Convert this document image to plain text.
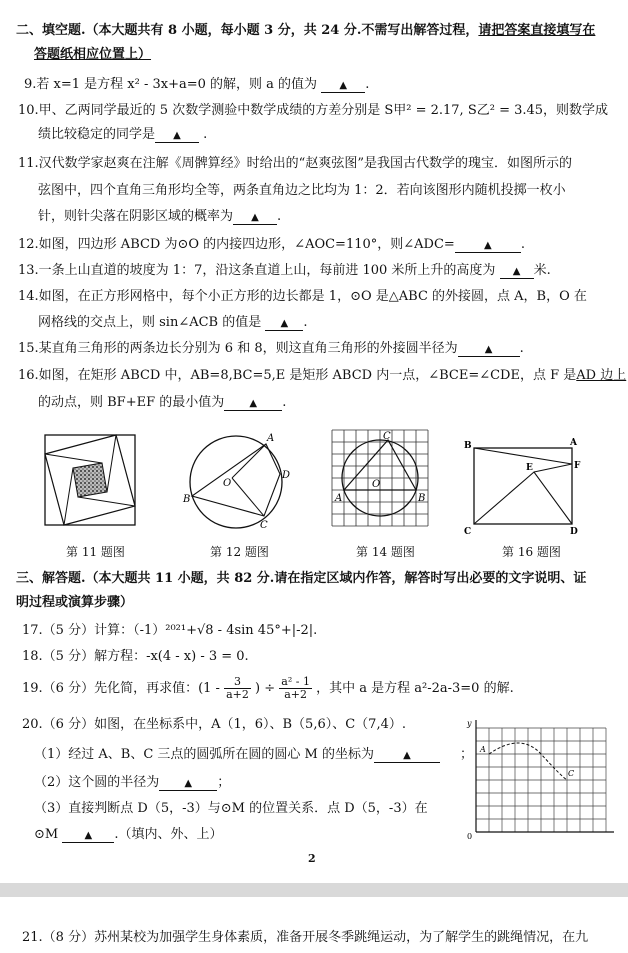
二、填空题.（本大题共有 8 小题，每小题 3 分，共 24 分.不需写出解答过程，请把答案直接填写在
答题纸相应位置上）
9.若 x=1 是方程 x² - 3x+a=0 的解，则 a 的值为 ▲ .
10.甲、乙两同学最近的 5 次数学测验中数学成绩的方差分别是 S甲² = 2.17, S乙² = 3.45，则数学成
绩比较稳定的同学是 ▲ .
11.汉代数学家赵爽在注解《周髀算经》时给出的“赵爽弦图”是我国古代数学的瑰宝．如图所示的
弦图中，四个直角三角形均全等，两条直角边之比均为 1：2．若向该图形内随机投掷一枚小
针，则针尖落在阴影区域的概率为 ▲ .
12.如图，四边形 ABCD 为⊙O 的内接四边形，∠AOC=110°，则∠ADC=	▲ .
13.一条上山直道的坡度为 1：7，沿这条直道上山，每前进 100 米所上升的高度为 ▲ 米.
14.如图，在正方形网格中，每个小正方形的边长都是 1，⊙O 是△ABC 的外接圆，点 A，B，O 在
网格线的交点上，则 sin∠ACB 的值是 ▲ .
15.某直角三角形的两条边长分别为 6 和 8，则这直角三角形的外接圆半径为	▲ .
16.如图，在矩形 ABCD 中，AB=8,BC=5,E 是矩形 ABCD 内一点，∠BCE=∠CDE，点 F 是AD 边上
的动点，则 BF+EF 的最小值为	▲ .
第 11 题图
A
D
C
B
O
第 12 题图
C
O
A	B
第 14 题图
B	A
F
E
C	D
第 16 题图
三、解答题.（本大题共 11 小题，共 82 分.请在指定区域内作答，解答时写出必要的文字说明、证
明过程或演算步骤）
17.（5 分）计算：（-1）²⁰²¹+√8 - 4sin 45°+|-2|.
18.（5 分）解方程：-x(4 - x) - 3 = 0.
19.（6 分）先化简，再求值：($1 - \frac{3}{a+2}$ ) ÷ $\frac{\text{a² - 1}}{a+2}$ ，其中 a 是方程 a²-2a-3=0 的解.
20.（6 分）如图，在坐标系中，A（1，6）、B（5,6）、C（7,4）.
（1）经过 A、B、C 三点的圆弧所在圆的圆心 M 的坐标为	▲	；
（2）这个圆的半径为	▲ ；
（3）直接判断点 D（5，-3）与⊙M 的位置关系．点 D（5，-3）在
⊙M	▲ .（填内、外、上）
y
0
A
C
2
21.（8 分）苏州某校为加强学生身体素质，准备开展冬季跳绳运动，为了解学生的跳绳情况，在九
